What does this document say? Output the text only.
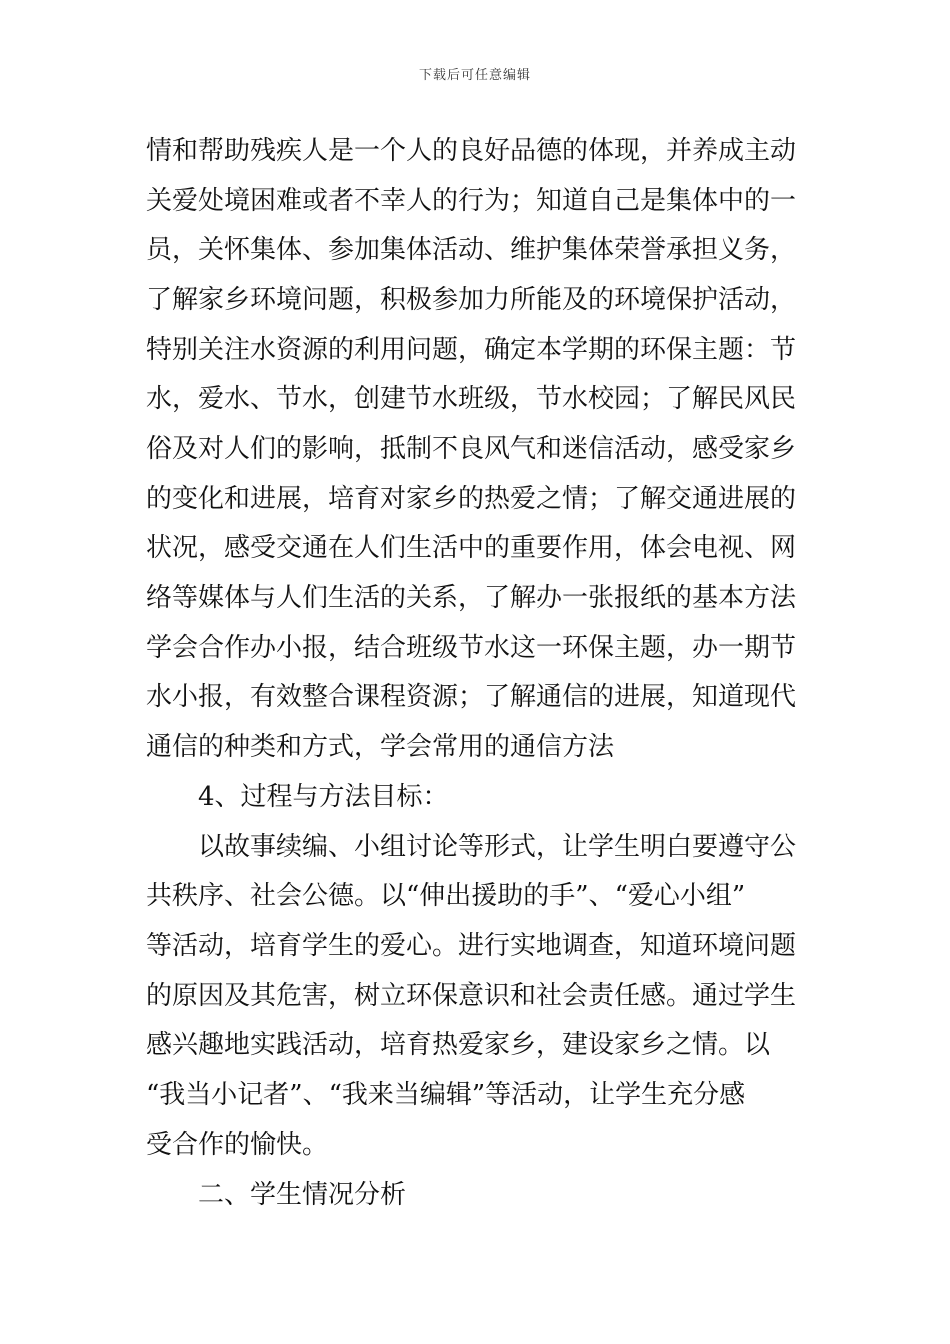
下载后可任意编辑
情和帮助残疾人是一个人的良好品德的体现，并养成主动
关爱处境困难或者不幸人的行为；知道自己是集体中的一
员，关怀集体、参加集体活动、维护集体荣誉承担义务，
了解家乡环境问题，积极参加力所能及的环境保护活动，
特别关注水资源的利用问题，确定本学期的环保主题：节
水，爱水、节水，创建节水班级，节水校园；了解民风民
俗及对人们的影响，抵制不良风气和迷信活动，感受家乡
的变化和进展，培育对家乡的热爱之情；了解交通进展的
状况，感受交通在人们生活中的重要作用，体会电视、网
络等媒体与人们生活的关系，了解办一张报纸的基本方法
学会合作办小报，结合班级节水这一环保主题，办一期节
水小报，有效整合课程资源；了解通信的进展，知道现代
通信的种类和方式，学会常用的通信方法
4、过程与方法目标：
以故事续编、小组讨论等形式，让学生明白要遵守公
共秩序、社会公德。以“伸出援助的手”、“爱心小组”
等活动，培育学生的爱心。进行实地调查，知道环境问题
的原因及其危害，树立环保意识和社会责任感。通过学生
感兴趣地实践活动，培育热爱家乡，建设家乡之情。以
“我当小记者”、“我来当编辑”等活动，让学生充分感
受合作的愉快。
二、学生情况分析
